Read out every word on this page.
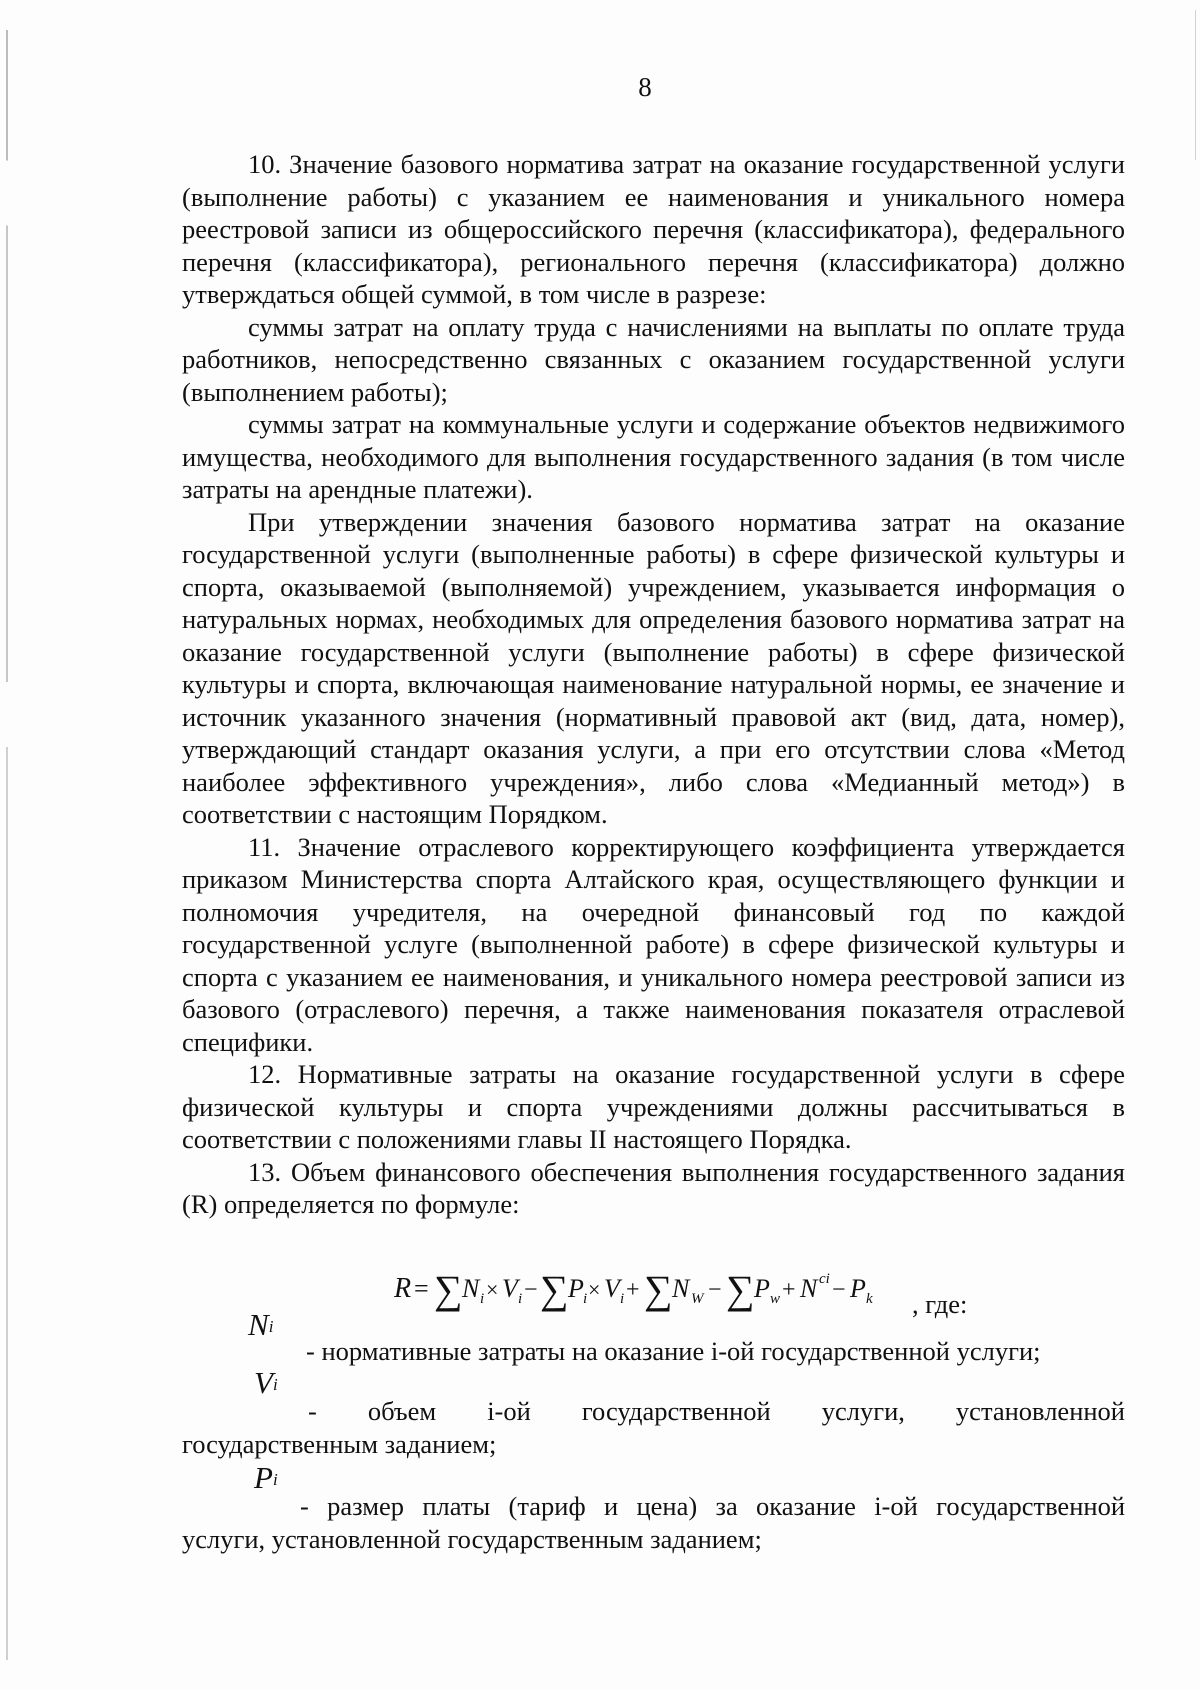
8

10. Значение базового норматива затрат на оказание государственной услуги (выполнение работы) с указанием ее наименования и уникального номера реестровой записи из общероссийского перечня (классификатора), федерального перечня (классификатора), регионального перечня (классификатора) должно утверждаться общей суммой, в том числе в разрезе:

суммы затрат на оплату труда с начислениями на выплаты по оплате труда работников, непосредственно связанных с оказанием государственной услуги (выполнением работы);

суммы затрат на коммунальные услуги и содержание объектов недвижимого имущества, необходимого для выполнения государственного задания (в том числе затраты на арендные платежи).

При утверждении значения базового норматива затрат на оказание государственной услуги (выполненные работы) в сфере физической культуры и спорта, оказываемой (выполняемой) учреждением, указывается информация о натуральных нормах, необходимых для определения базового норматива затрат на оказание государственной услуги (выполнение работы) в сфере физической культуры и спорта, включающая наименование натуральной нормы, ее значение и источник указанного значения (нормативный правовой акт (вид, дата, номер), утверждающий стандарт оказания услуги, а при его отсутствии слова «Метод наиболее эффективного учреждения», либо слова «Медианный метод») в соответствии с настоящим Порядком.

11. Значение отраслевого корректирующего коэффициента утверждается приказом Министерства спорта Алтайского края, осуществляющего функции и полномочия учредителя, на очередной финансовый год по каждой государственной услуге (выполненной работе) в сфере физической культуры и спорта с указанием ее наименования, и уникального номера реестровой записи из базового (отраслевого) перечня, а также наименования показателя отраслевой специфики.

12. Нормативные затраты на оказание государственной услуги в сфере физической культуры и спорта учреждениями должны рассчитываться в соответствии с положениями главы II настоящего Порядка.

13. Объем финансового обеспечения выполнения государственного задания (R) определяется по формуле:

R = ∑ N i × V i − ∑ P i × V i + ∑ N W − ∑ P w + N ci − P k , где:
Ni
- нормативные затраты на оказание i-ой государственной услуги;
Vi
- объем i-ой государственной услуги, установленной
государственным заданием;
Pi
- размер платы (тариф и цена) за оказание i-ой государственной
услуги, установленной государственным заданием;
